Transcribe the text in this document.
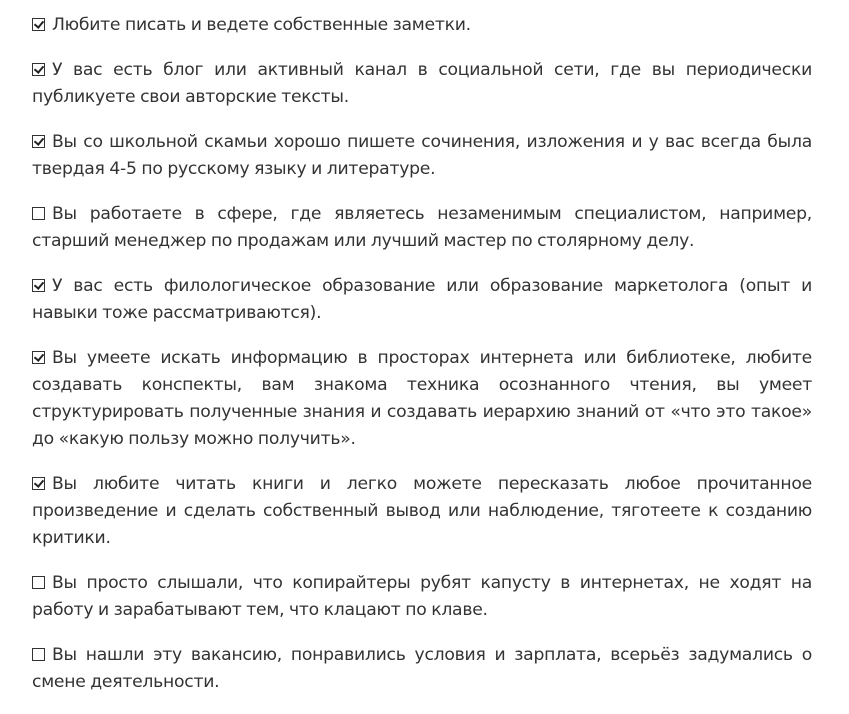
Любите писать и ведете собственные заметки.

У вас есть блог или активный канал в социальной сети, где вы периодически публикуете свои авторские тексты.

Вы со школьной скамьи хорошо пишете сочинения, изложения и у вас всегда была твердая 4-5 по русскому языку и литературе.

Вы работаете в сфере, где являетесь незаменимым специалистом, например, старший менеджер по продажам или лучший мастер по столярному делу.

У вас есть филологическое образование или образование маркетолога (опыт и навыки тоже рассматриваются).

Вы умеете искать информацию в просторах интернета или библиотеке, любите создавать конспекты, вам знакома техника осознанного чтения, вы умеет структурировать полученные знания и создавать иерархию знаний от «что это такое» до «какую пользу можно получить».

Вы любите читать книги и легко можете пересказать любое прочитанное произведение и сделать собственный вывод или наблюдение, тяготеете к созданию критики.

Вы просто слышали, что копирайтеры рубят капусту в интернетах, не ходят на работу и зарабатывают тем, что клацают по клаве.

Вы нашли эту вакансию, понравились условия и зарплата, всерьёз задумались о смене деятельности.
